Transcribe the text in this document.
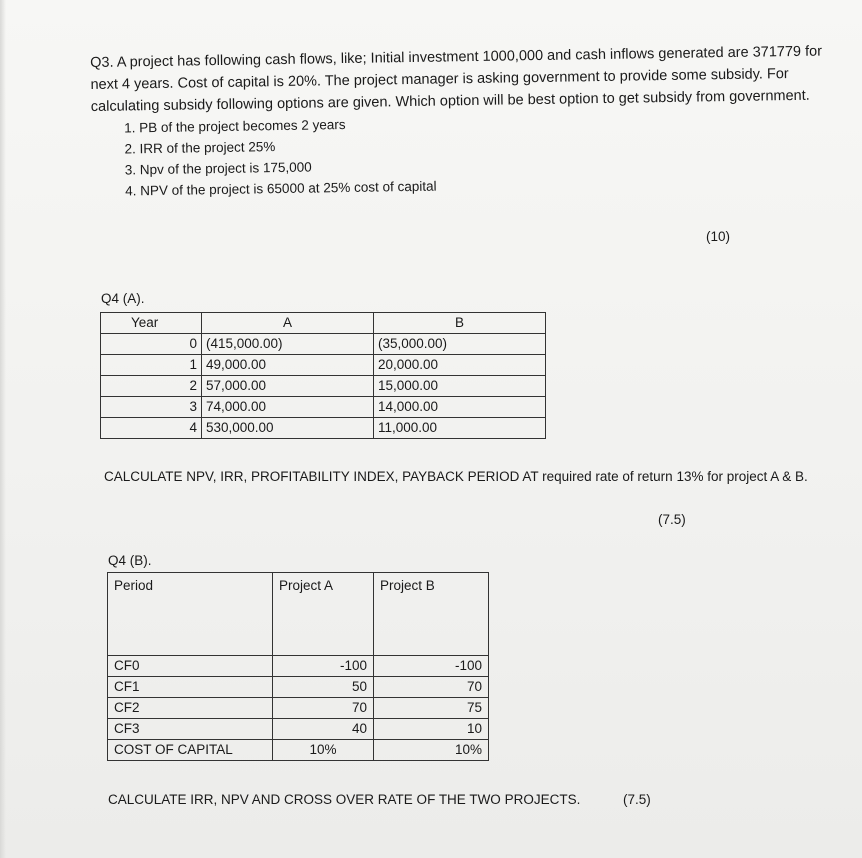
Q3. A project has following cash flows, like; Initial investment 1000,000 and cash inflows generated are 371779 for next 4 years. Cost of capital is 20%. The project manager is asking government to provide some subsidy. For calculating subsidy following options are given. Which option will be best option to get subsidy from government.

1. PB of the project becomes 2 years
2. IRR of the project 25%
3. Npv of the project is 175,000
4. NPV of the project is 65000 at 25% cost of capital
(10)
Q4 (A).
Year	A	B
0	(415,000.00)	(35,000.00)
1	49,000.00	20,000.00
2	57,000.00	15,000.00
3	74,000.00	14,000.00
4	530,000.00	11,000.00
CALCULATE NPV, IRR, PROFITABILITY INDEX, PAYBACK PERIOD AT required rate of return 13% for project A & B.
(7.5)
Q4 (B).
Period	Project A	Project B
CF0	-100	-100
CF1	50	70
CF2	70	75
CF3	40	10
COST OF CAPITAL	10%	10%
CALCULATE IRR, NPV AND CROSS OVER RATE OF THE TWO PROJECTS.	(7.5)
